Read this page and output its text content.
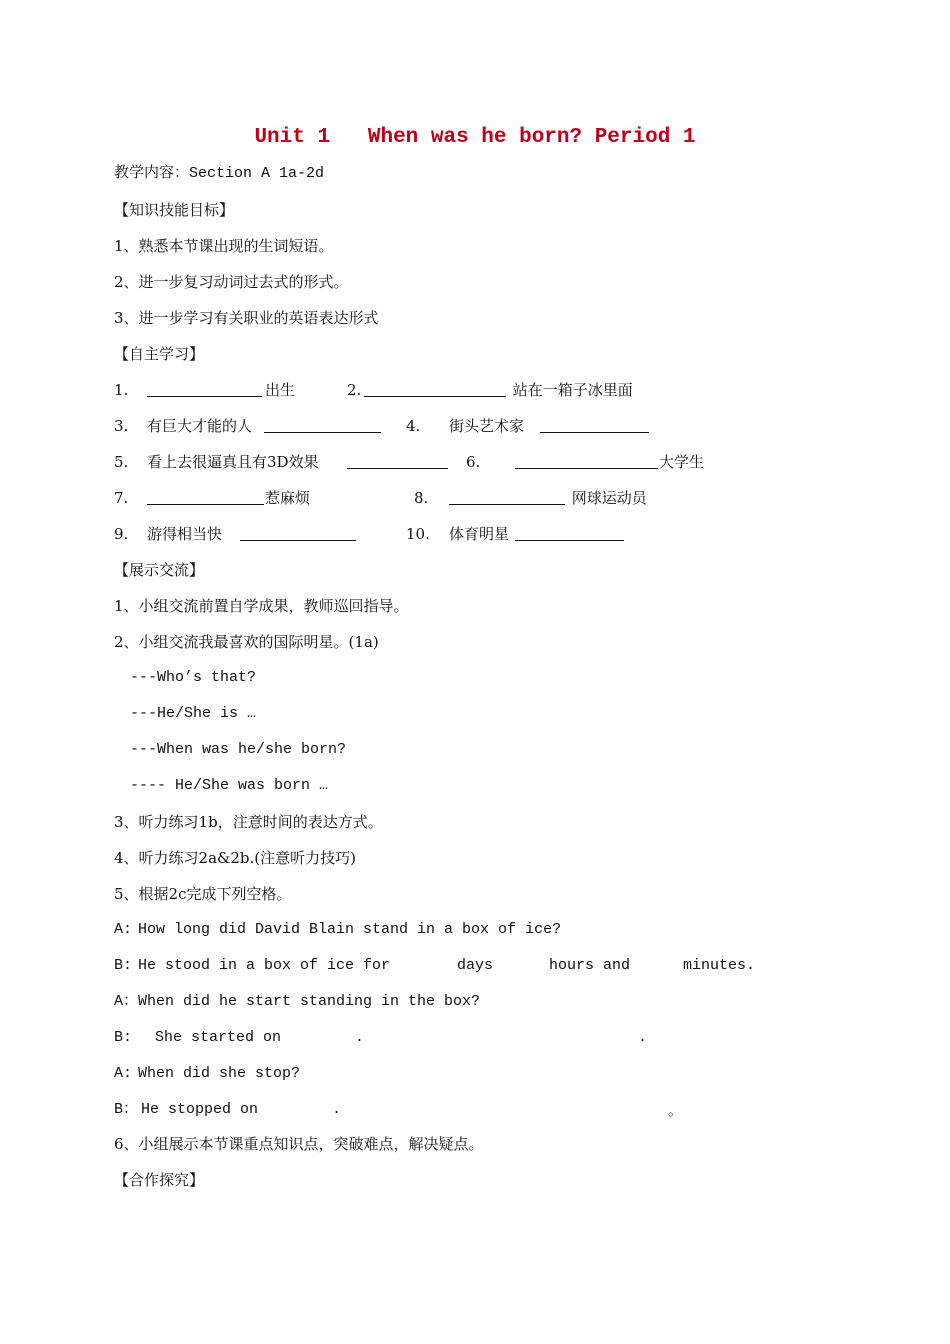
Unit 1   When was he born? Period 1
教学内容：Section A 1a-2d
【知识技能目标】
1、熟悉本节课出现的生词短语。
2、进一步复习动词过去式的形式。
3、进一步学习有关职业的英语表达形式
【自主学习】
1.	出生	2.	站在一箱子冰里面
3. 有巨大才能的人	4. 街头艺术家
5. 看上去很逼真且有3D效果	6.	大学生
7.	惹麻烦	8.	网球运动员
9. 游得相当快	10. 体育明星
【展示交流】
1、小组交流前置自学成果，教师巡回指导。
2、小组交流我最喜欢的国际明星。(1a)
---Who’s that?
---He/She is …
---When was he/she born?
---- He/She was born …
3、听力练习1b，注意时间的表达方式。
4、听力练习2a&2b.(注意听力技巧)
5、根据2c完成下列空格。
A: How long did David Blain stand in a box of ice?
B: He stood in a box of ice for	days	hours and	minutes.
A： When did he start standing in the box?
B: She started on	.	.
A: When did she stop?
B： He stopped on	.	。
6、小组展示本节课重点知识点，突破难点，解决疑点。
【合作探究】
